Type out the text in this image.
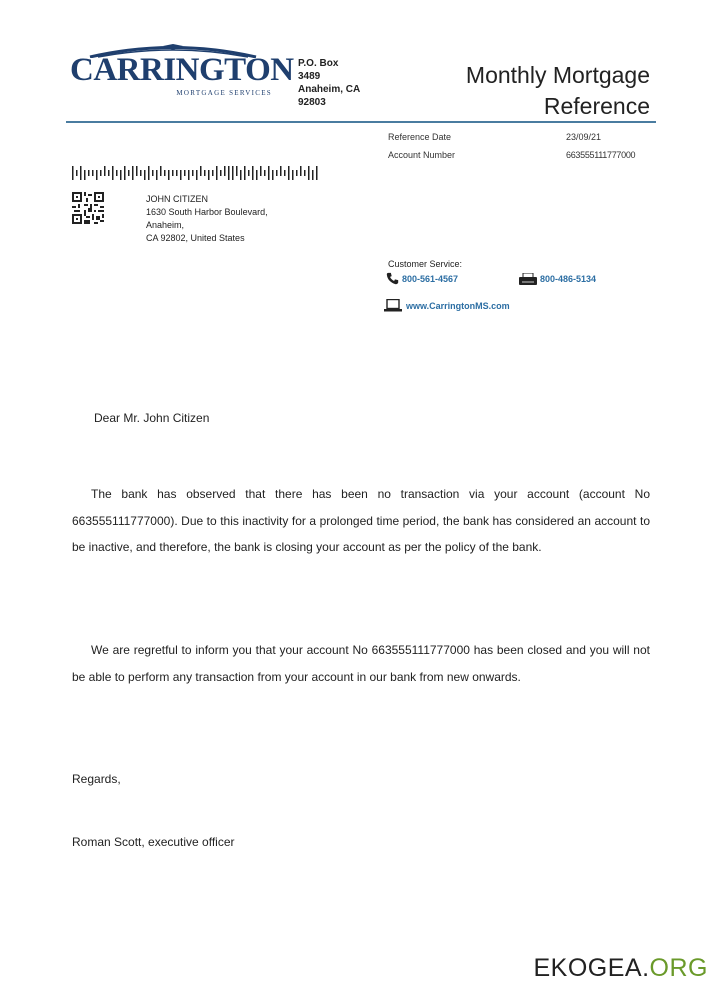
CARRINGTON
MORTGAGE SERVICES
P.O. Box
3489
Anaheim, CA
92803
Monthly Mortgage
Reference
Reference Date	23/09/21
Account Number	663555111777000
JOHN CITIZEN
1630 South Harbor Boulevard,
Anaheim,
CA 92802, United States
Customer Service:
800-561-4567	800-486-5134
www.CarringtonMS.com
Dear Mr. John Citizen
The bank has observed that there has been no transaction via your account (account No 663555111777000). Due to this inactivity for a prolonged time period, the bank has considered an account to be inactive, and therefore, the bank is closing your account as per the policy of the bank.
We are regretful to inform you that your account No 663555111777000 has been closed and you will not be able to perform any transaction from your account in our bank from new onwards.
Regards,
Roman Scott, executive officer
EKOGEA.ORG
